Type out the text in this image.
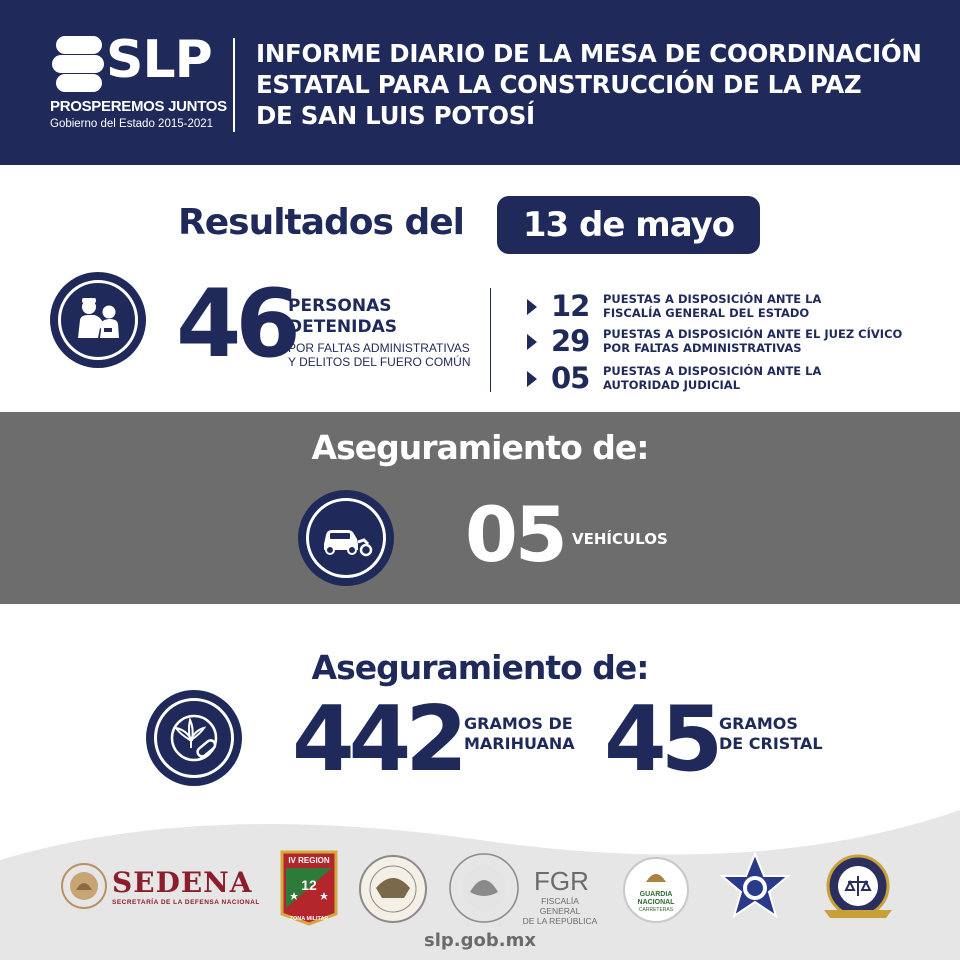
SLP
PROSPEREMOS JUNTOS
Gobierno del Estado 2015-2021
INFORME DIARIO DE LA MESA DE COORDINACIÓN
ESTATAL PARA LA CONSTRUCCIÓN DE LA PAZ
DE SAN LUIS POTOSÍ
Resultados del	13 de mayo
46
PERSONAS
DETENIDAS
POR FALTAS ADMINISTRATIVAS
Y DELITOS DEL FUERO COMÚN
12	PUESTAS A DISPOSICIÓN ANTE LA
FISCALÍA GENERAL DEL ESTADO
29	PUESTAS A DISPOSICIÓN ANTE EL JUEZ CÍVICO
POR FALTAS ADMINISTRATIVAS
05	PUESTAS A DISPOSICIÓN ANTE LA
AUTORIDAD JUDICIAL
Aseguramiento de:
05 VEHÍCULOS
Aseguramiento de:
442 GRAMOS DE
MARIHUANA 45 GRAMOS
DE CRISTAL
SEDENA
SECRETARÍA DE LA DEFENSA NACIONAL
IV REGION
12
ZONA MILITAR
FGR
FISCALÍA GENERAL
DE LA REPÚBLICA
GUARDIA
NACIONAL
CARRETERAS
slp.gob.mx
